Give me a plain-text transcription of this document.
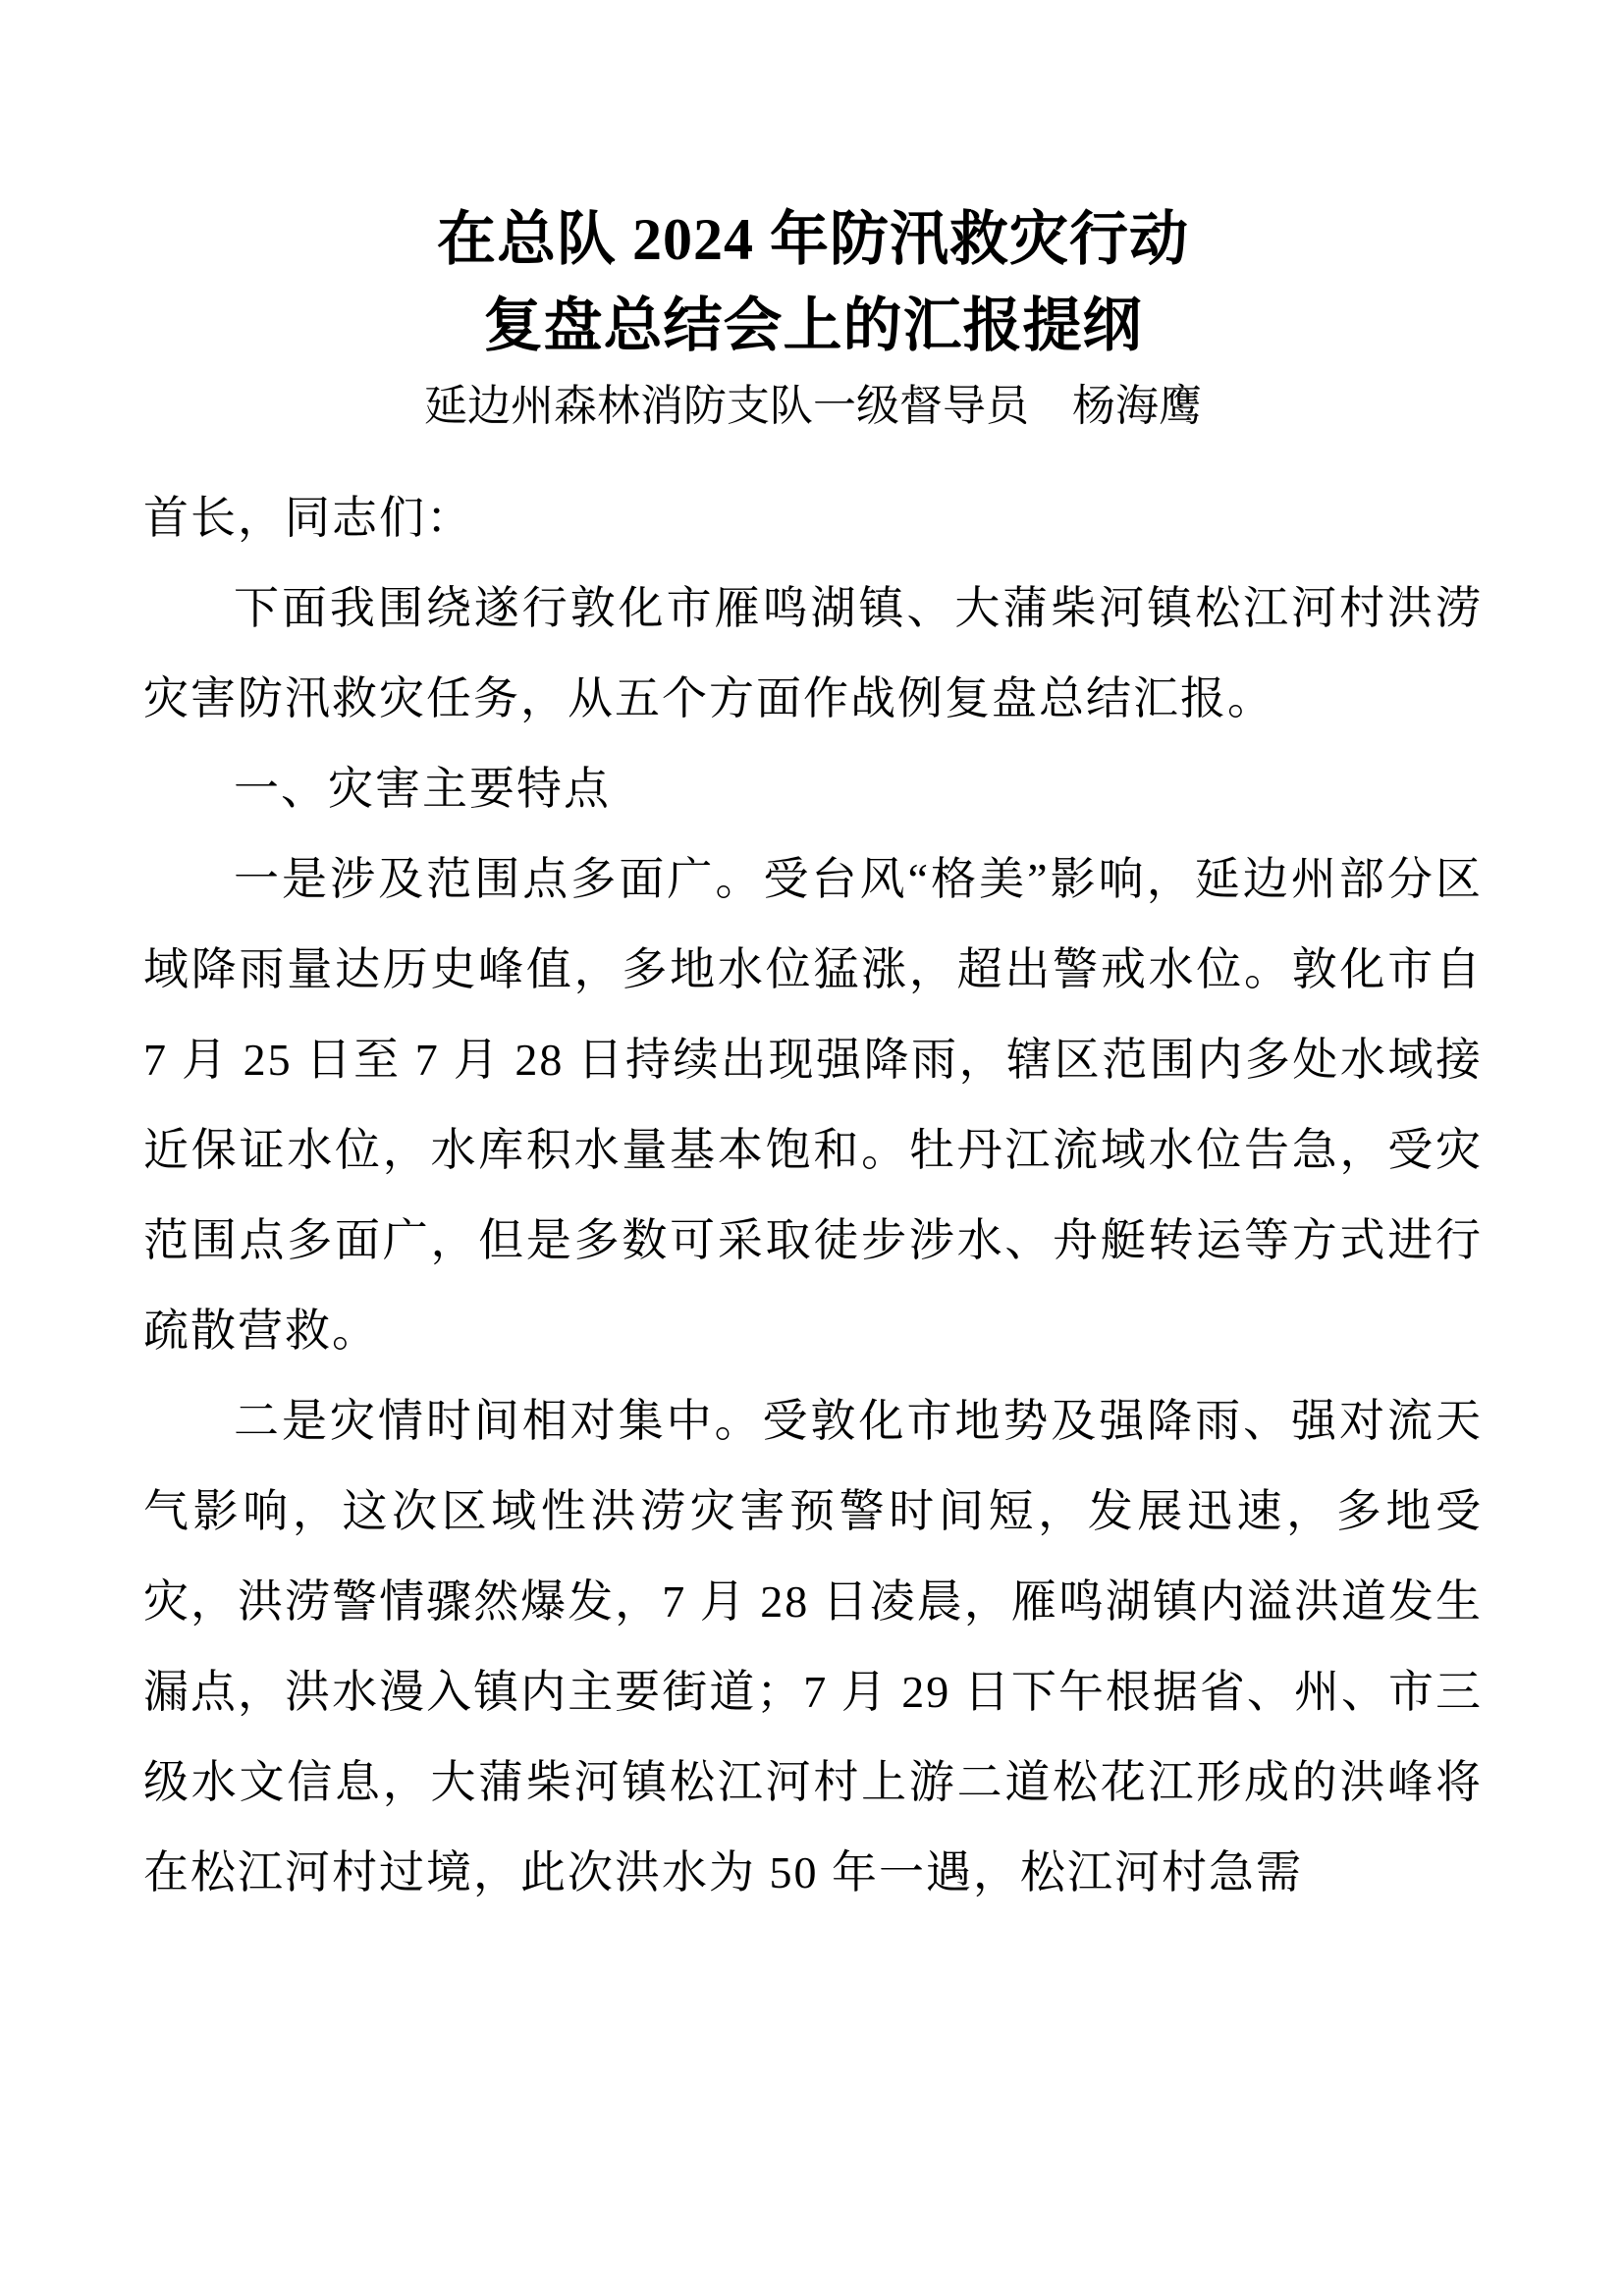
在总队 2024 年防汛救灾行动
复盘总结会上的汇报提纲
延边州森林消防支队一级督导员　杨海鹰

首长，同志们：

下面我围绕遂行敦化市雁鸣湖镇、大蒲柴河镇松江河村洪涝灾害防汛救灾任务，从五个方面作战例复盘总结汇报。

一、灾害主要特点

一是涉及范围点多面广。受台风“格美”影响，延边州部分区域降雨量达历史峰值，多地水位猛涨，超出警戒水位。敦化市自 7 月 25 日至 7 月 28 日持续出现强降雨，辖区范围内多处水域接近保证水位，水库积水量基本饱和。牡丹江流域水位告急，受灾范围点多面广，但是多数可采取徒步涉水、舟艇转运等方式进行疏散营救。

二是灾情时间相对集中。受敦化市地势及强降雨、强对流天气影响，这次区域性洪涝灾害预警时间短，发展迅速，多地受灾，洪涝警情骤然爆发，7 月 28 日凌晨，雁鸣湖镇内溢洪道发生漏点，洪水漫入镇内主要街道；7 月 29 日下午根据省、州、市三级水文信息，大蒲柴河镇松江河村上游二道松花江形成的洪峰将在松江河村过境，此次洪水为 50 年一遇，松江河村急需
